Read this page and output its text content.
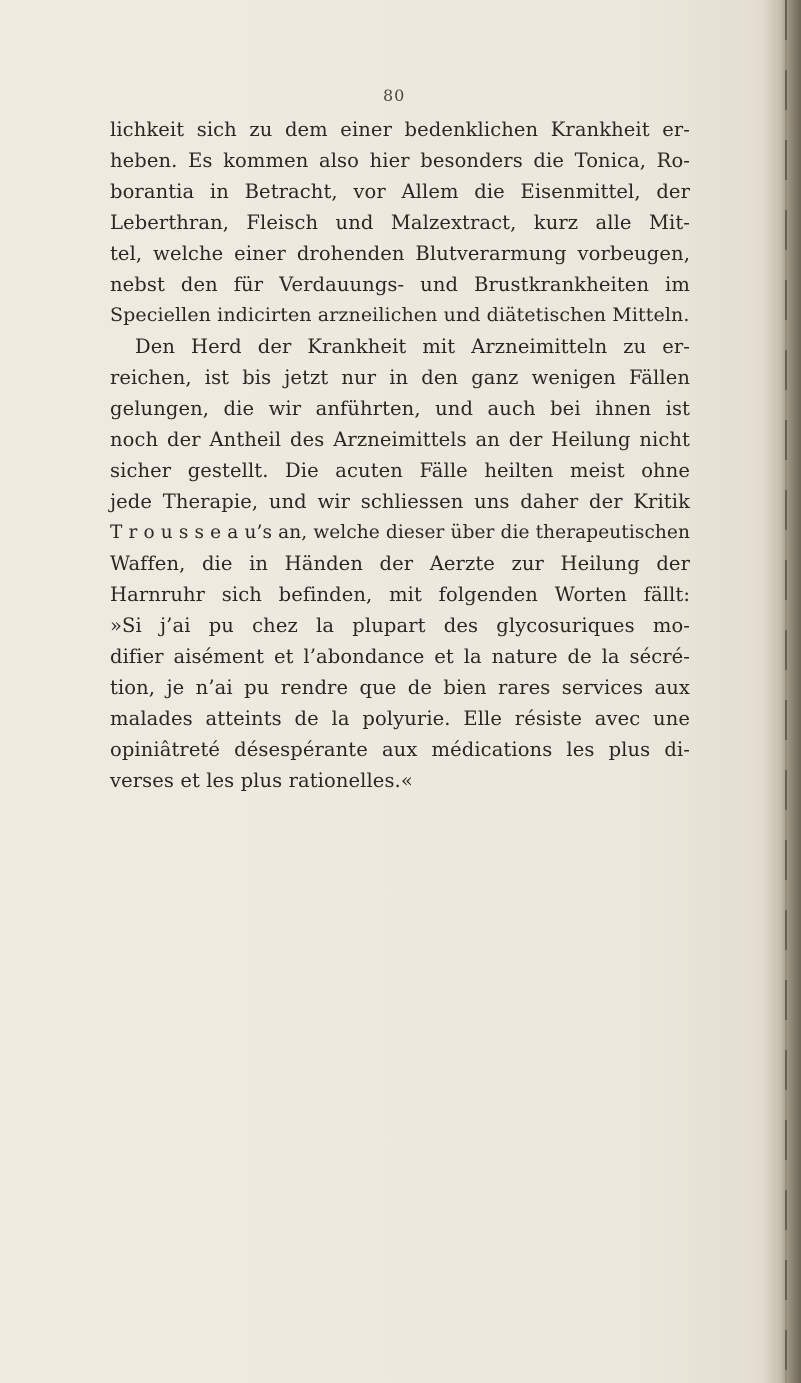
80
lichkeit sich zu dem einer bedenklichen Krankheit er-
heben. Es kommen also hier besonders die Tonica, Ro-
borantia in Betracht, vor Allem die Eisenmittel, der
Leberthran, Fleisch und Malzextract, kurz alle Mit-
tel, welche einer drohenden Blutverarmung vorbeugen,
nebst den für Verdauungs- und Brustkrankheiten im
Speciellen indicirten arzneilichen und diätetischen Mitteln.
Den Herd der Krankheit mit Arzneimitteln zu er-
reichen, ist bis jetzt nur in den ganz wenigen Fällen
gelungen, die wir anführten, und auch bei ihnen ist
noch der Antheil des Arzneimittels an der Heilung nicht
sicher gestellt. Die acuten Fälle heilten meist ohne
jede Therapie, und wir schliessen uns daher der Kritik
T r o u s s e a u’s an, welche dieser über die therapeutischen
Waffen, die in Händen der Aerzte zur Heilung der
Harnruhr sich befinden, mit folgenden Worten fällt:
»Si j’ai pu chez la plupart des glycosuriques mo-
difier aisément et l’abondance et la nature de la sécré-
tion, je n’ai pu rendre que de bien rares services aux
malades atteints de la polyurie. Elle résiste avec une
opiniâtreté désespérante aux médications les plus di-
verses et les plus rationelles.«
